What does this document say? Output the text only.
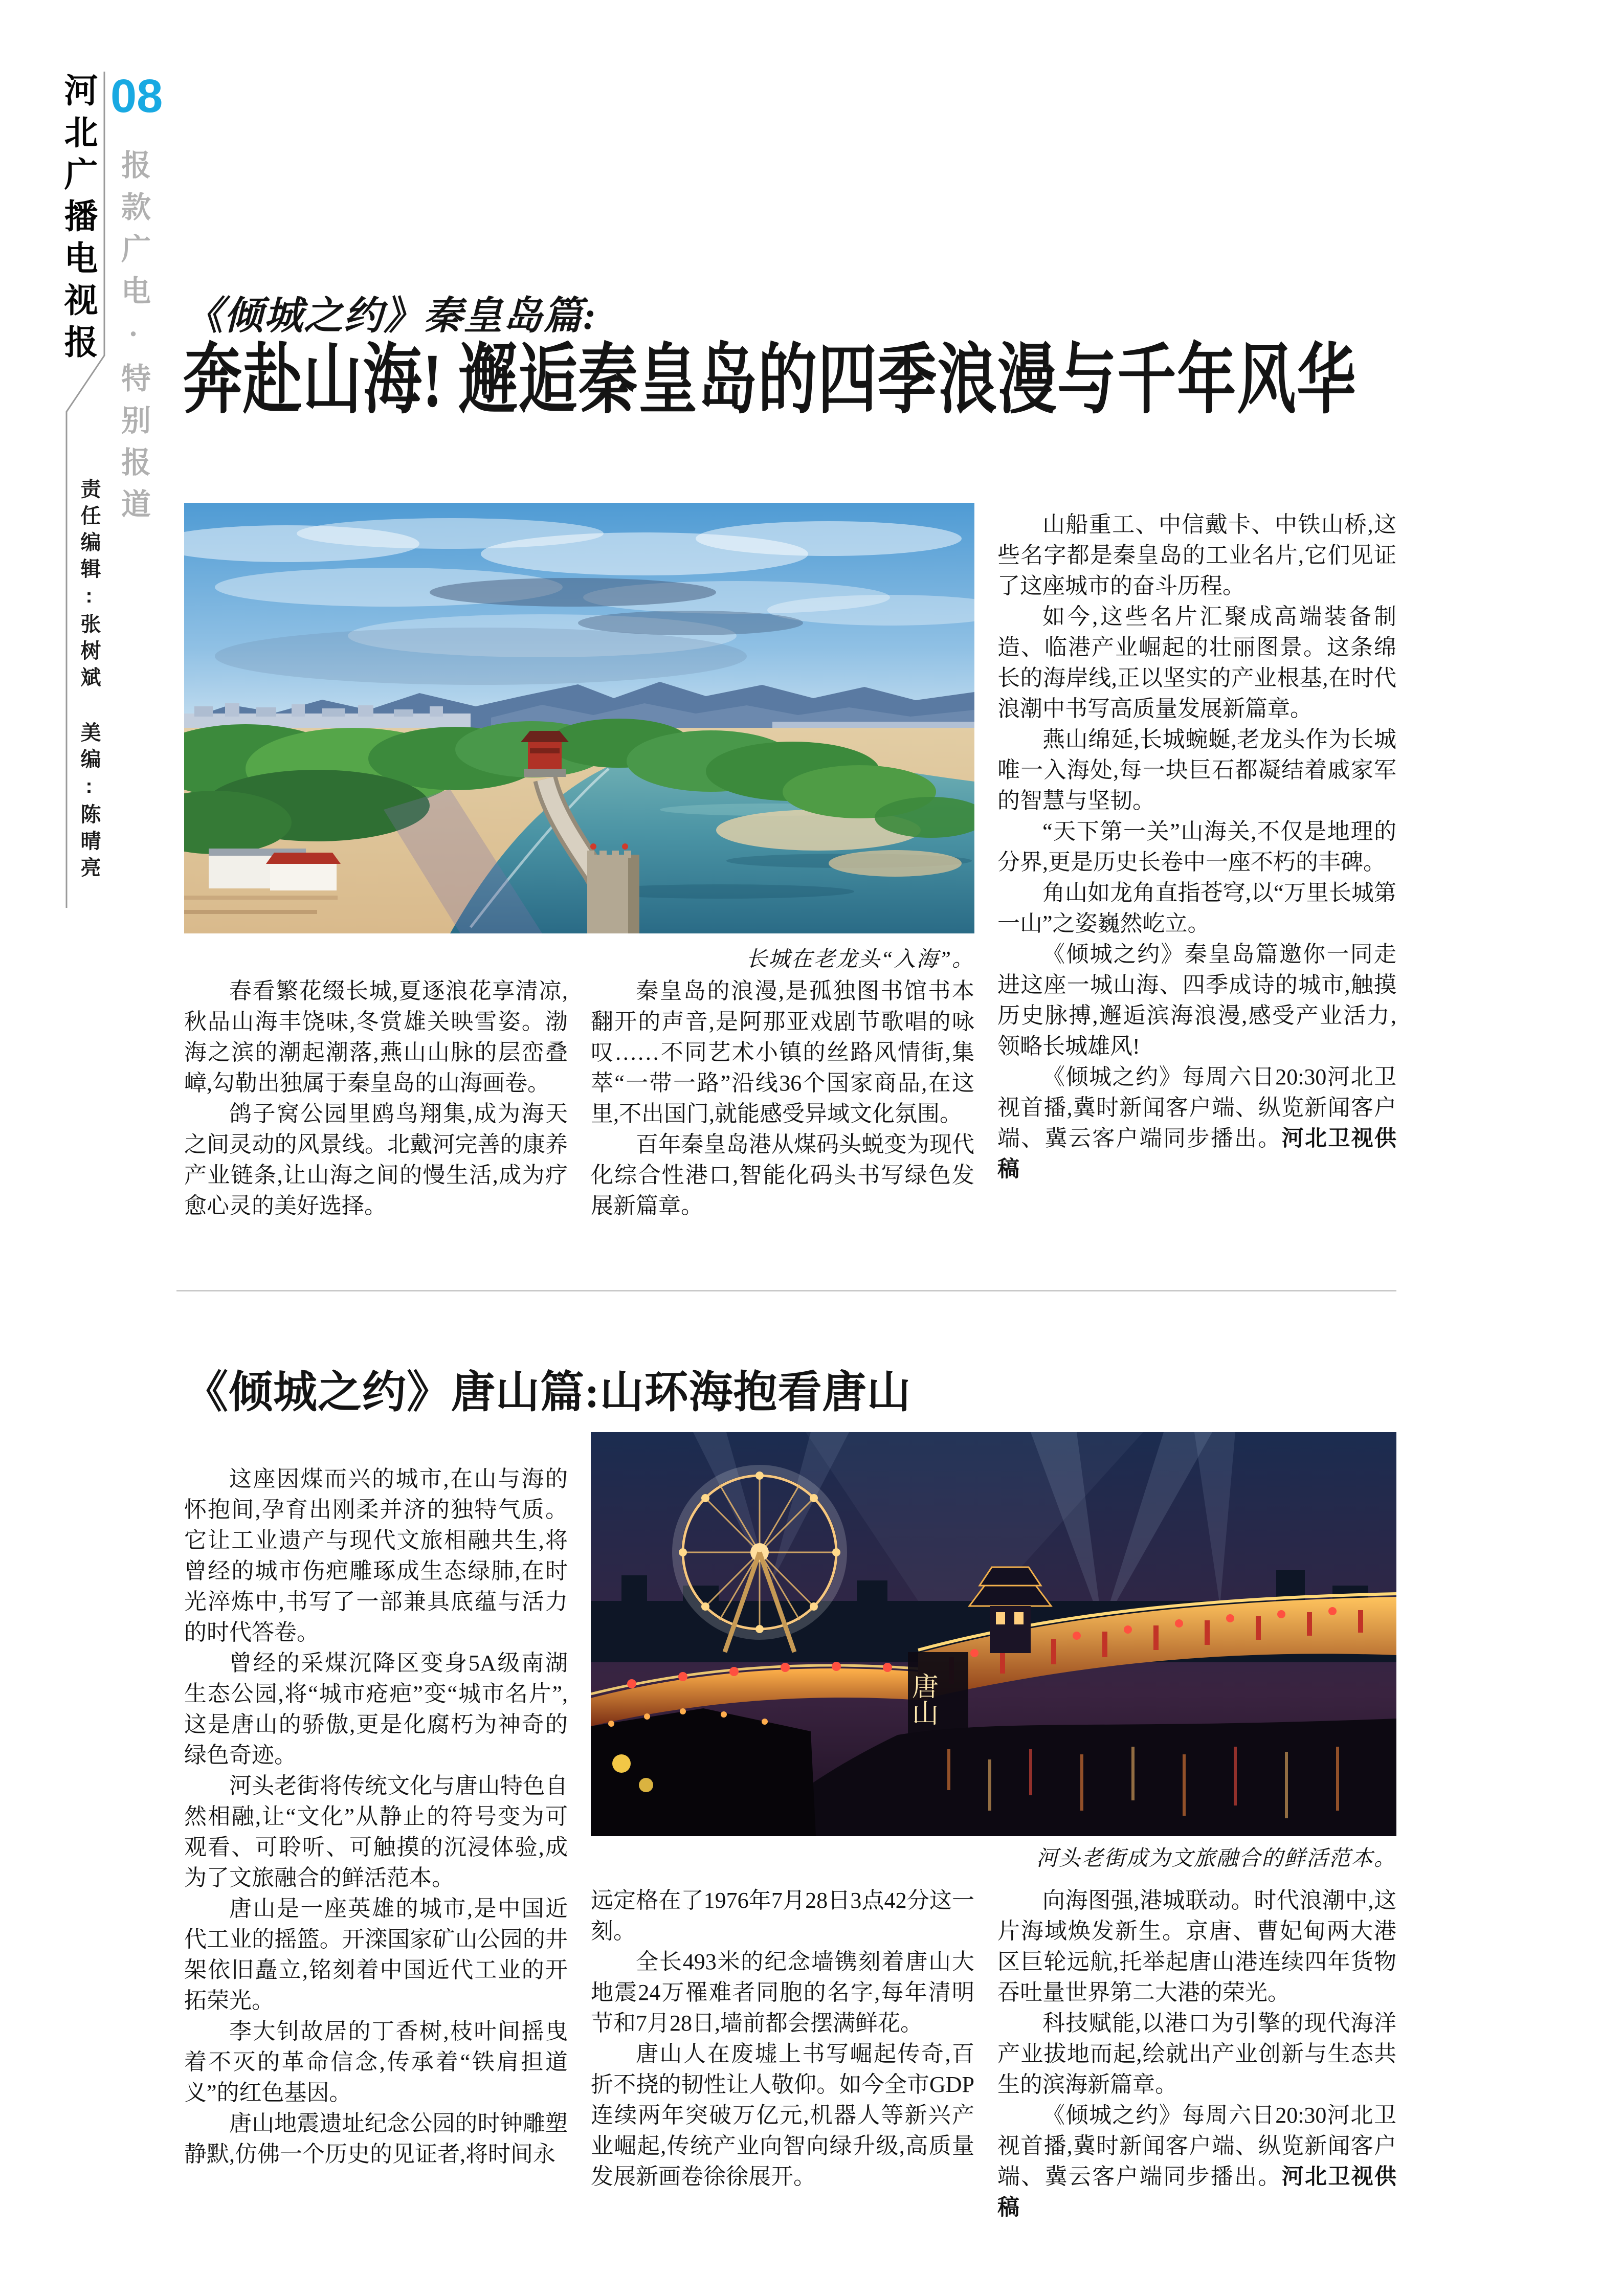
河北广播电视报 08
报款广电·特别报道
责任编辑:张树斌 美编:陈晴亮
《倾城之约》秦皇岛篇:
奔赴山海! 邂逅秦皇岛的四季浪漫与千年风华
长城在老龙头“入海”。

春看繁花缀长城,夏逐浪花享清凉,秋品山海丰饶味,冬赏雄关映雪姿。渤海之滨的潮起潮落,燕山山脉的层峦叠嶂,勾勒出独属于秦皇岛的山海画卷。

鸽子窝公园里鸥鸟翔集,成为海天之间灵动的风景线。北戴河完善的康养产业链条,让山海之间的慢生活,成为疗愈心灵的美好选择。

秦皇岛的浪漫,是孤独图书馆书本翻开的声音,是阿那亚戏剧节歌唱的咏叹……不同艺术小镇的丝路风情街,集萃“一带一路”沿线36个国家商品,在这里,不出国门,就能感受异域文化氛围。

百年秦皇岛港从煤码头蜕变为现代化综合性港口,智能化码头书写绿色发展新篇章。

山船重工、中信戴卡、中铁山桥,这些名字都是秦皇岛的工业名片,它们见证了这座城市的奋斗历程。

如今,这些名片汇聚成高端装备制造、临港产业崛起的壮丽图景。这条绵长的海岸线,正以坚实的产业根基,在时代浪潮中书写高质量发展新篇章。

燕山绵延,长城蜿蜒,老龙头作为长城唯一入海处,每一块巨石都凝结着戚家军的智慧与坚韧。

“天下第一关”山海关,不仅是地理的分界,更是历史长卷中一座不朽的丰碑。

角山如龙角直指苍穹,以“万里长城第一山”之姿巍然屹立。

《倾城之约》秦皇岛篇邀你一同走进这座一城山海、四季成诗的城市,触摸历史脉搏,邂逅滨海浪漫,感受产业活力,领略长城雄风!

《倾城之约》每周六日20:30河北卫视首播,冀时新闻客户端、纵览新闻客户端、冀云客户端同步播出。河北卫视供稿

《倾城之约》唐山篇:山环海抱看唐山

这座因煤而兴的城市,在山与海的怀抱间,孕育出刚柔并济的独特气质。它让工业遗产与现代文旅相融共生,将曾经的城市伤疤雕琢成生态绿肺,在时光淬炼中,书写了一部兼具底蕴与活力的时代答卷。

曾经的采煤沉降区变身5A级南湖生态公园,将“城市疮疤”变“城市名片”,这是唐山的骄傲,更是化腐朽为神奇的绿色奇迹。

河头老街将传统文化与唐山特色自然相融,让“文化”从静止的符号变为可观看、可聆听、可触摸的沉浸体验,成为了文旅融合的鲜活范本。

唐山是一座英雄的城市,是中国近代工业的摇篮。开滦国家矿山公园的井架依旧矗立,铭刻着中国近代工业的开拓荣光。

李大钊故居的丁香树,枝叶间摇曳着不灭的革命信念,传承着“铁肩担道义”的红色基因。

唐山地震遗址纪念公园的时钟雕塑静默,仿佛一个历史的见证者,将时间永

唐山
河头老街成为文旅融合的鲜活范本。

远定格在了1976年7月28日3点42分这一刻。

全长493米的纪念墙镌刻着唐山大地震24万罹难者同胞的名字,每年清明节和7月28日,墙前都会摆满鲜花。

唐山人在废墟上书写崛起传奇,百折不挠的韧性让人敬仰。如今全市GDP连续两年突破万亿元,机器人等新兴产业崛起,传统产业向智向绿升级,高质量发展新画卷徐徐展开。

向海图强,港城联动。时代浪潮中,这片海域焕发新生。京唐、曹妃甸两大港区巨轮远航,托举起唐山港连续四年货物吞吐量世界第二大港的荣光。

科技赋能,以港口为引擎的现代海洋产业拔地而起,绘就出产业创新与生态共生的滨海新篇章。

《倾城之约》每周六日20:30河北卫视首播,冀时新闻客户端、纵览新闻客户端、冀云客户端同步播出。河北卫视供稿
